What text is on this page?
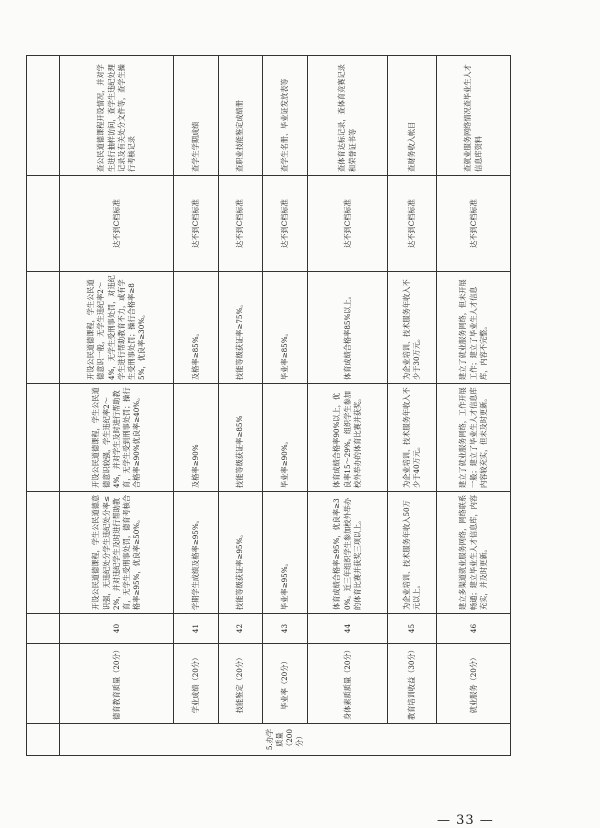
5.办学质量（200分）	德育教育质量（20分）	40	开设公民道德课程，学生公民道德意识强，无违纪处分学生违纪处分率≤2%，并对违纪学生及时进行帮助教育，无学生受刑事处罚，德育考核合格率≥95%，优良率≥50%。	开设公民道德课程，学生公民道德意识较强，学生违纪率2～4%，并对学生及时进行帮助教育，无学生受到刑事处罚；操行合格率≥90%优良率≥40%。	开设公民道德课程，学生公民道德意识一般，无学生违纪率2～4%，无学生受刑事处罚，对违纪学生进行帮助教育不力，或有学生受刑事处罚；操行合格率≥85%，优良率≥30%。	达不到C档标准	查公民道德课程开设情况，并对学生进行抽样访问，查学生违纪处理记录及有关处分文件等，查学生操行考核记录
	学业成绩（20分）	41	学期学生成绩及格率≥95%。	及格率≥90%	及格率≥85%。	达不到C档标准	查学生学期成绩
	技能鉴定（20分）	42	技能等级获证率≥95%。	技能等级获证率≥85%	技能等级获证率≥75%。	达不到C档标准	查职业技能鉴定成绩册
	毕业率（20分）	43	毕业率≥95%。	毕业率≥90%。	毕业率≥85%。	达不到C档标准	查学生名册、毕业证发放表等
	身体素质质量（20分）	44	体育成绩合格率≥95%，优良率≥30%。近三年组织学生参加校外举办的体育比赛并获奖三项以上。	体育成绩合格率90%以上，优良率15～29%。组织学生参加校外举办的体育比赛并获奖。	体育成绩合格率85%以上。	达不到C档标准	查体育达标记录，查体育竞赛记录和荣誉证书等
	教育培训收益（30分）	45	为企业培训、技术服务年收入50万元以上。	为企业培训、技术服务年收入不少于40万元。	为企业培训、技术服务年收入不少于30万元。	达不到C档标准	查财务收入帐目
	就业服务（20分）	46	建立多渠道就业服务网络，网络联系畅通；建立毕业生人才信息库，内容充实，并及时更新。	建立了就业服务网络，工作开展一般；建立了毕业生人才信息库内容较充实，但未及时更新。	建立了就业服务网络，但未开展工作；建立了毕业生人才信息库，内容不完整。	达不到C档标准	查就业服务网络情况查毕业生人才信息库资料
— 33 —
